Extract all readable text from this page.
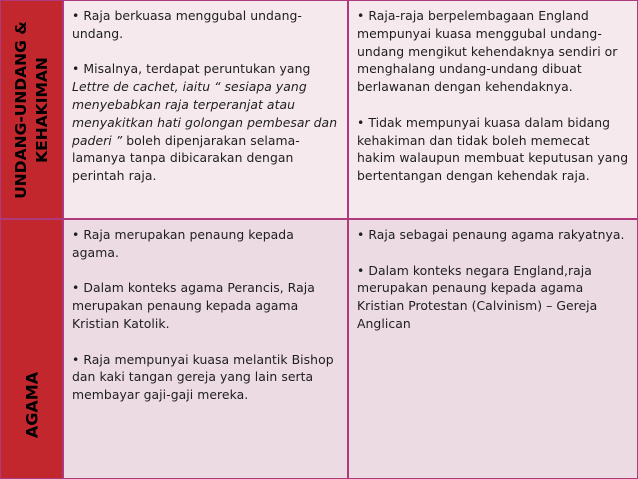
UNDANG-UNDANG & KEHAKIMAN

• Raja berkuasa menggubal undang-undang.

• Misalnya, terdapat peruntukan yang Lettre de cachet, iaitu “ sesiapa yang menyebabkan raja terperanjat atau menyakitkan hati golongan pembesar dan paderi ” boleh dipenjarakan selama-lamanya tanpa dibicarakan dengan perintah raja.

• Raja-raja berpelembagaan England mempunyai kuasa menggubal undang-undang mengikut kehendaknya sendiri or menghalang undang-undang dibuat berlawanan dengan kehendaknya.

• Tidak mempunyai kuasa dalam bidang kehakiman dan tidak boleh memecat hakim walaupun membuat keputusan yang bertentangan dengan kehendak raja.

AGAMA

• Raja merupakan penaung kepada agama.

• Dalam konteks agama Perancis, Raja merupakan penaung kepada agama Kristian Katolik.

• Raja mempunyai kuasa melantik Bishop dan kaki tangan gereja yang lain serta membayar gaji-gaji mereka.

• Raja sebagai penaung agama rakyatnya.

• Dalam konteks negara England,raja merupakan penaung kepada agama Kristian Protestan (Calvinism) – Gereja Anglican
